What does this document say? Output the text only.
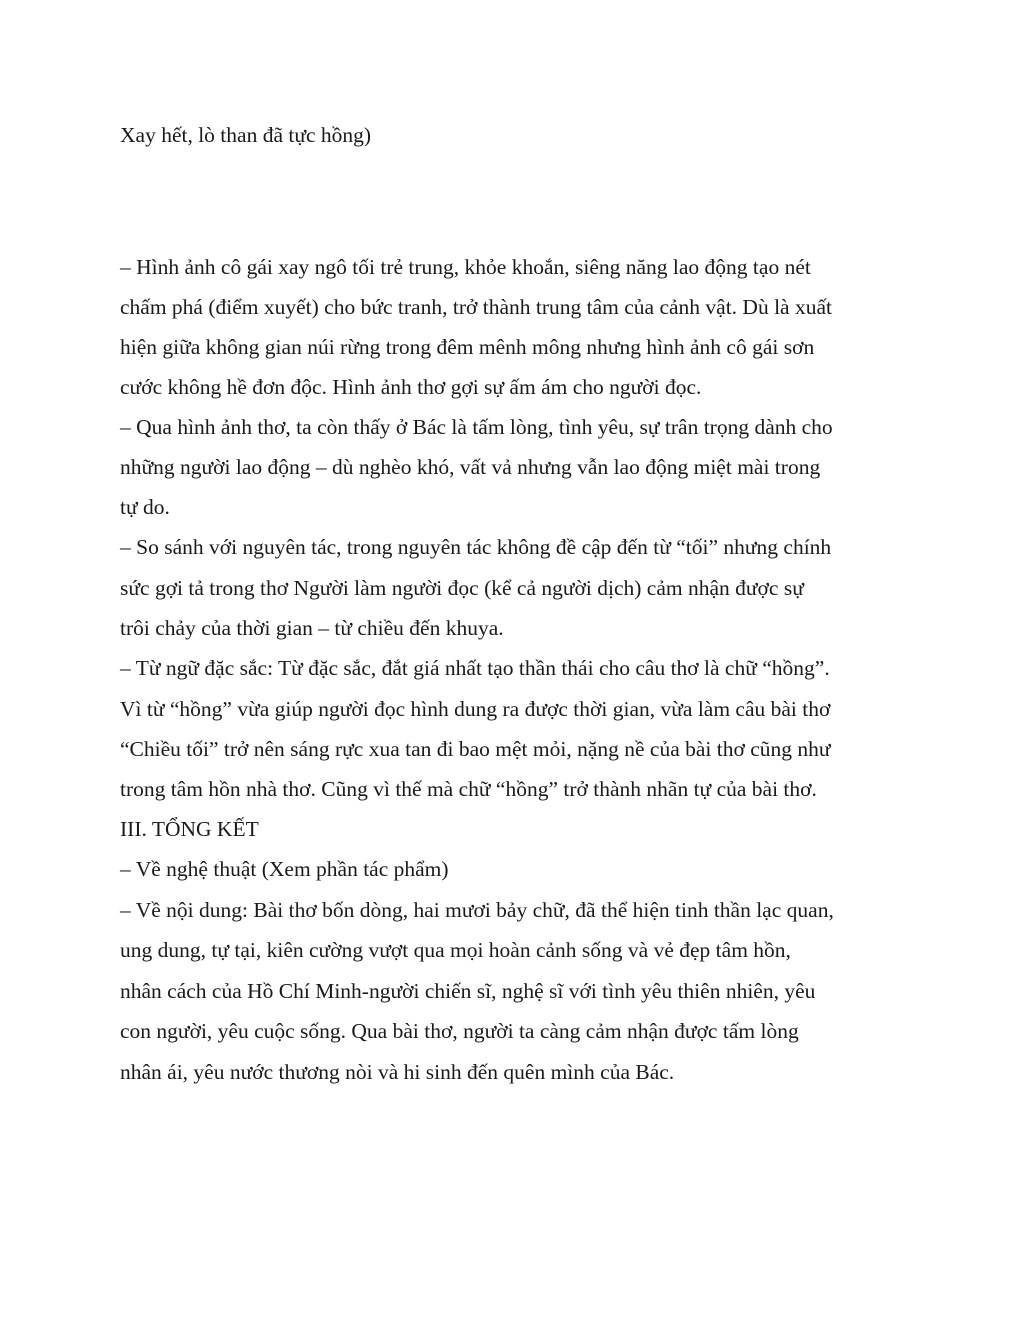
Xay hết, lò than đã tực hồng)
– Hình ảnh cô gái xay ngô tối trẻ trung, khỏe khoắn, siêng năng lao động tạo nét
chấm phá (điểm xuyết) cho bức tranh, trở thành trung tâm của cảnh vật. Dù là xuất
hiện giữa không gian núi rừng trong đêm mênh mông nhưng hình ảnh cô gái sơn
cước không hề đơn độc. Hình ảnh thơ gợi sự ấm ám cho người đọc.
– Qua hình ảnh thơ, ta còn thấy ở Bác là tấm lòng, tình yêu, sự trân trọng dành cho
những người lao động – dù nghèo khó, vất vả nhưng vẫn lao động miệt mài trong
tự do.
– So sánh với nguyên tác, trong nguyên tác không đề cập đến từ “tối” nhưng chính
sức gợi tả trong thơ Người làm người đọc (kể cả người dịch) cảm nhận được sự
trôi chảy của thời gian – từ chiều đến khuya.
– Từ ngữ đặc sắc: Từ đặc sắc, đắt giá nhất tạo thần thái cho câu thơ là chữ “hồng”.
Vì từ “hồng” vừa giúp người đọc hình dung ra được thời gian, vừa làm câu bài thơ
“Chiều tối” trở nên sáng rực xua tan đi bao mệt mỏi, nặng nề của bài thơ cũng như
trong tâm hồn nhà thơ. Cũng vì thế mà chữ “hồng” trở thành nhãn tự của bài thơ.
III. TỔNG KẾT
– Về nghệ thuật (Xem phần tác phẩm)
– Về nội dung: Bài thơ bốn dòng, hai mươi bảy chữ, đã thể hiện tinh thần lạc quan,
ung dung, tự tại, kiên cường vượt qua mọi hoàn cảnh sống và vẻ đẹp tâm hồn,
nhân cách của Hồ Chí Minh-người chiến sĩ, nghệ sĩ với tình yêu thiên nhiên, yêu
con người, yêu cuộc sống. Qua bài thơ, người ta càng cảm nhận được tấm lòng
nhân ái, yêu nước thương nòi và hi sinh đến quên mình của Bác.
